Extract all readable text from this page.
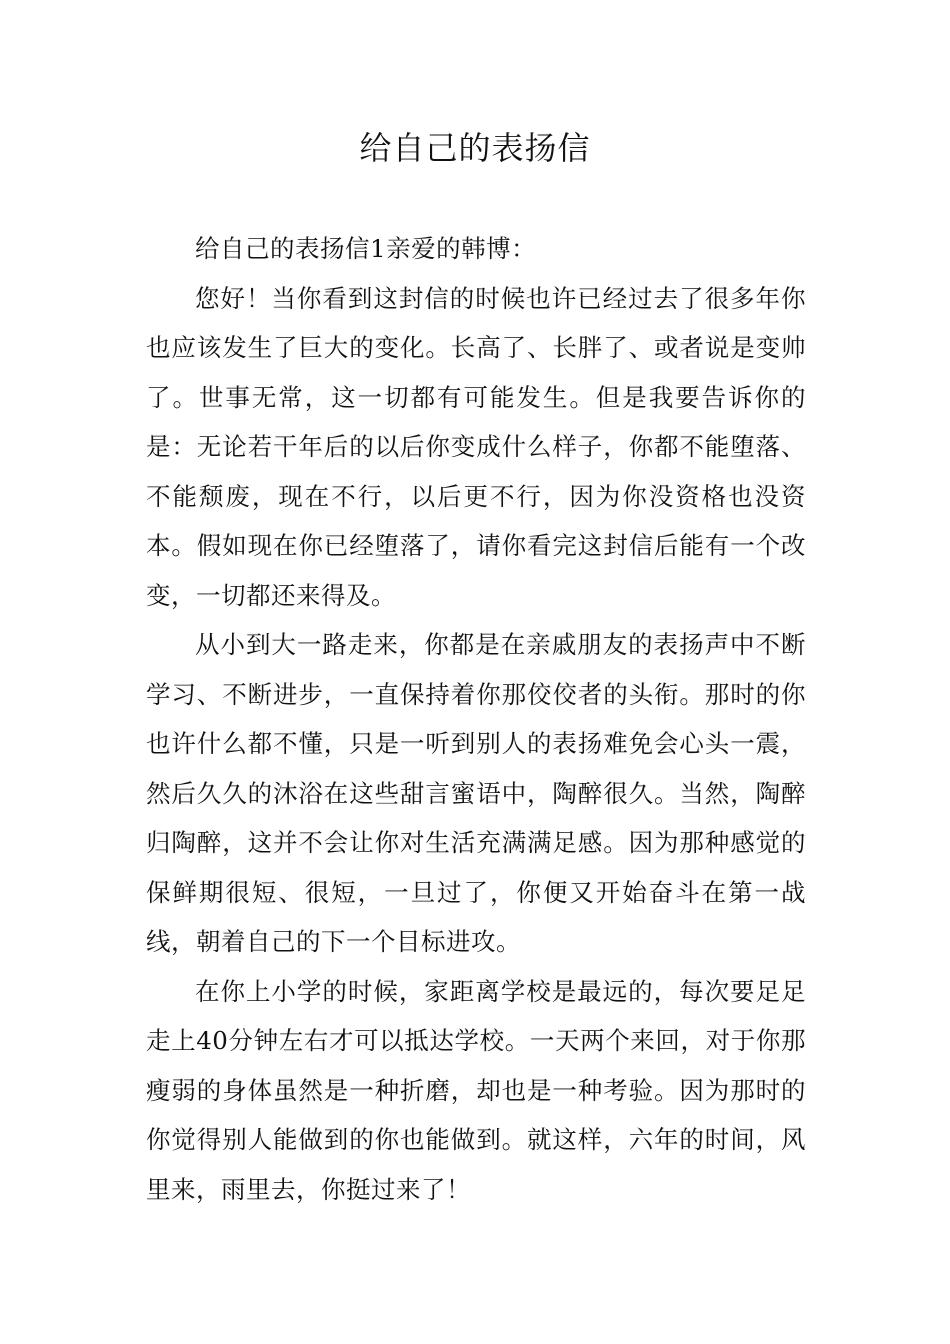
给自己的表扬信

给自己的表扬信1亲爱的韩博：

您好！当你看到这封信的时候也许已经过去了很多年你也应该发生了巨大的变化。长高了、长胖了、或者说是变帅了。世事无常，这一切都有可能发生。但是我要告诉你的是：无论若干年后的以后你变成什么样子，你都不能堕落、不能颓废，现在不行，以后更不行，因为你没资格也没资本。假如现在你已经堕落了，请你看完这封信后能有一个改变，一切都还来得及。

从小到大一路走来，你都是在亲戚朋友的表扬声中不断学习、不断进步，一直保持着你那佼佼者的头衔。那时的你也许什么都不懂，只是一听到别人的表扬难免会心头一震，然后久久的沐浴在这些甜言蜜语中，陶醉很久。当然，陶醉归陶醉，这并不会让你对生活充满满足感。因为那种感觉的保鲜期很短、很短，一旦过了，你便又开始奋斗在第一战线，朝着自己的下一个目标进攻。

在你上小学的时候，家距离学校是最远的，每次要足足走上40分钟左右才可以抵达学校。一天两个来回，对于你那瘦弱的身体虽然是一种折磨，却也是一种考验。因为那时的你觉得别人能做到的你也能做到。就这样，六年的时间，风里来，雨里去，你挺过来了！
